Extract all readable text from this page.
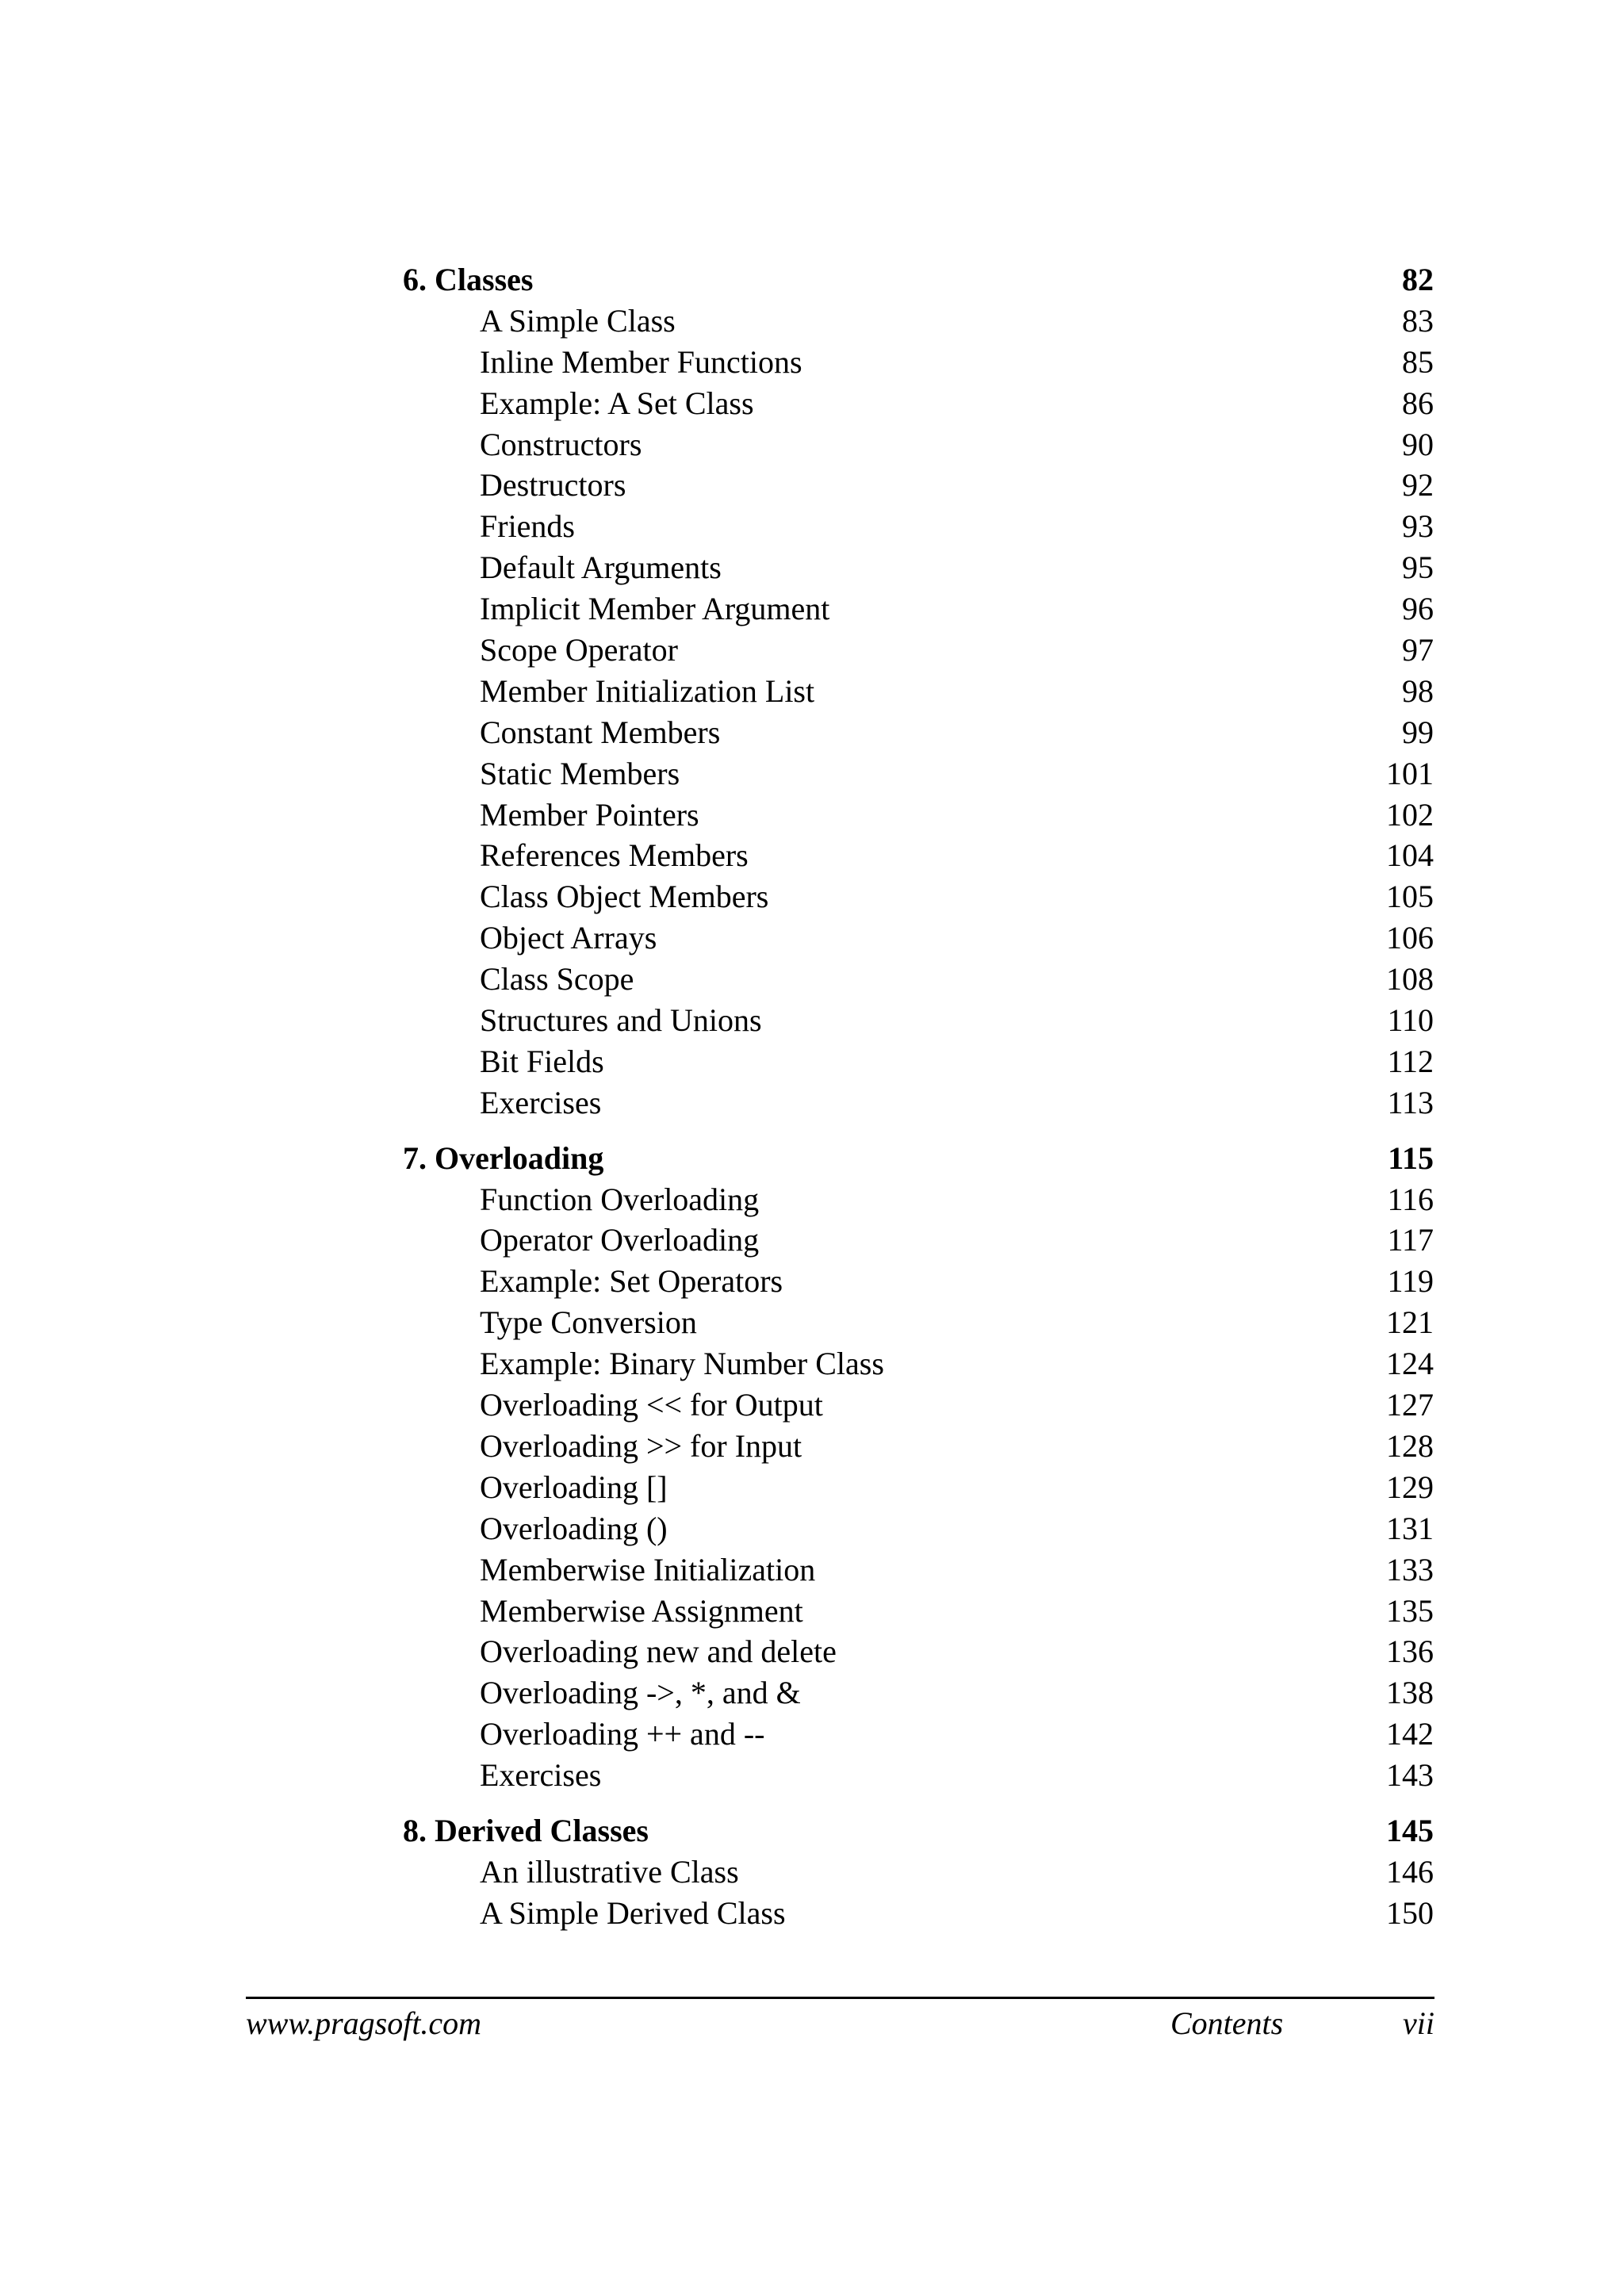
6. Classes	82
A Simple Class	83
Inline Member Functions	85
Example: A Set Class	86
Constructors	90
Destructors	92
Friends	93
Default Arguments	95
Implicit Member Argument	96
Scope Operator	97
Member Initialization List	98
Constant Members	99
Static Members	101
Member Pointers	102
References Members	104
Class Object Members	105
Object Arrays	106
Class Scope	108
Structures and Unions	110
Bit Fields	112
Exercises	113
7. Overloading	115
Function Overloading	116
Operator Overloading	117
Example: Set Operators	119
Type Conversion	121
Example: Binary Number Class	124
Overloading << for Output	127
Overloading >> for Input	128
Overloading []	129
Overloading ()	131
Memberwise Initialization	133
Memberwise Assignment	135
Overloading new and delete	136
Overloading ->, *, and &	138
Overloading ++ and --	142
Exercises	143
8. Derived Classes	145
An illustrative Class	146
A Simple Derived Class	150
www.pragsoft.com	Contents	vii
